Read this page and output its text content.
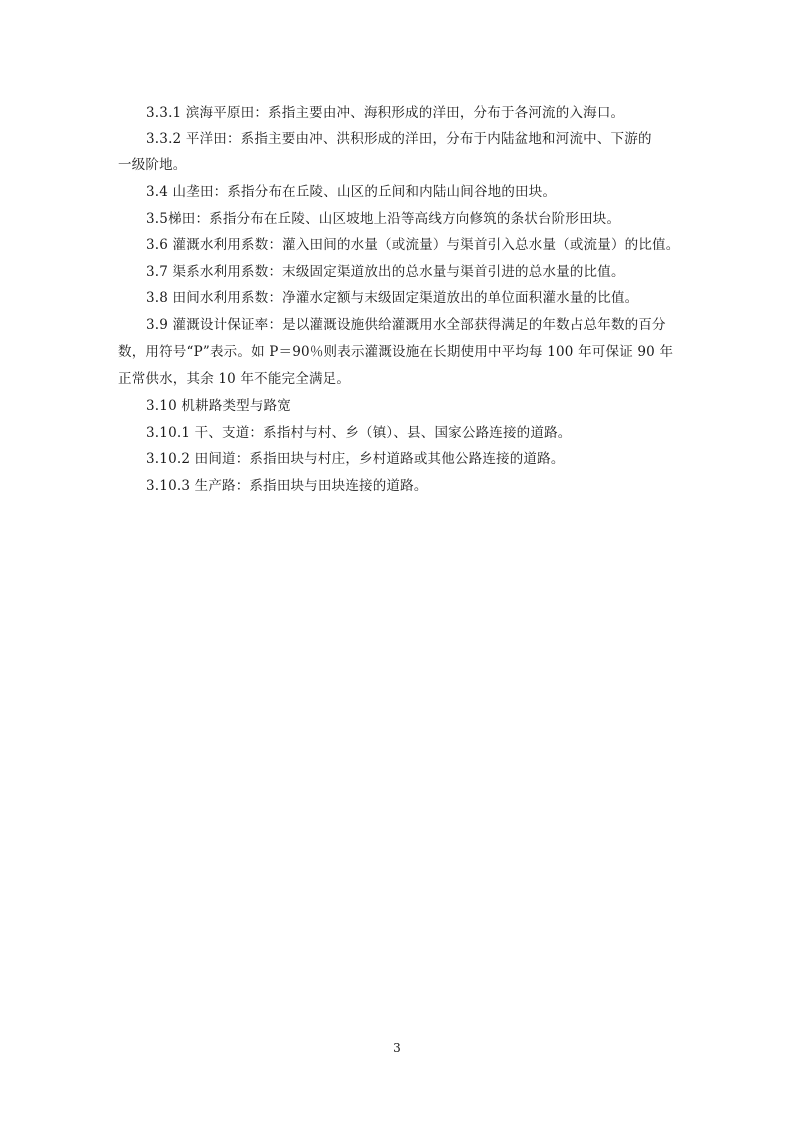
3.3.1 滨海平原田：系指主要由冲、海积形成的洋田，分布于各河流的入海口。
3.3.2 平洋田：系指主要由冲、洪积形成的洋田，分布于内陆盆地和河流中、下游的
一级阶地。
3.4 山垄田：系指分布在丘陵、山区的丘间和内陆山间谷地的田块。
3.5梯田：系指分布在丘陵、山区坡地上沿等高线方向修筑的条状台阶形田块。
3.6 灌溉水利用系数：灌入田间的水量（或流量）与渠首引入总水量（或流量）的比值。
3.7 渠系水利用系数：末级固定渠道放出的总水量与渠首引进的总水量的比值。
3.8 田间水利用系数：净灌水定额与末级固定渠道放出的单位面积灌水量的比值。
3.9 灌溉设计保证率：是以灌溉设施供给灌溉用水全部获得满足的年数占总年数的百分
数，用符号“P”表示。如 P＝90％则表示灌溉设施在长期使用中平均每 100 年可保证 90 年
正常供水，其余 10 年不能完全满足。
3.10 机耕路类型与路宽
3.10.1 干、支道：系指村与村、乡（镇）、县、国家公路连接的道路。
3.10.2 田间道：系指田块与村庄，乡村道路或其他公路连接的道路。
3.10.3 生产路：系指田块与田块连接的道路。
3
